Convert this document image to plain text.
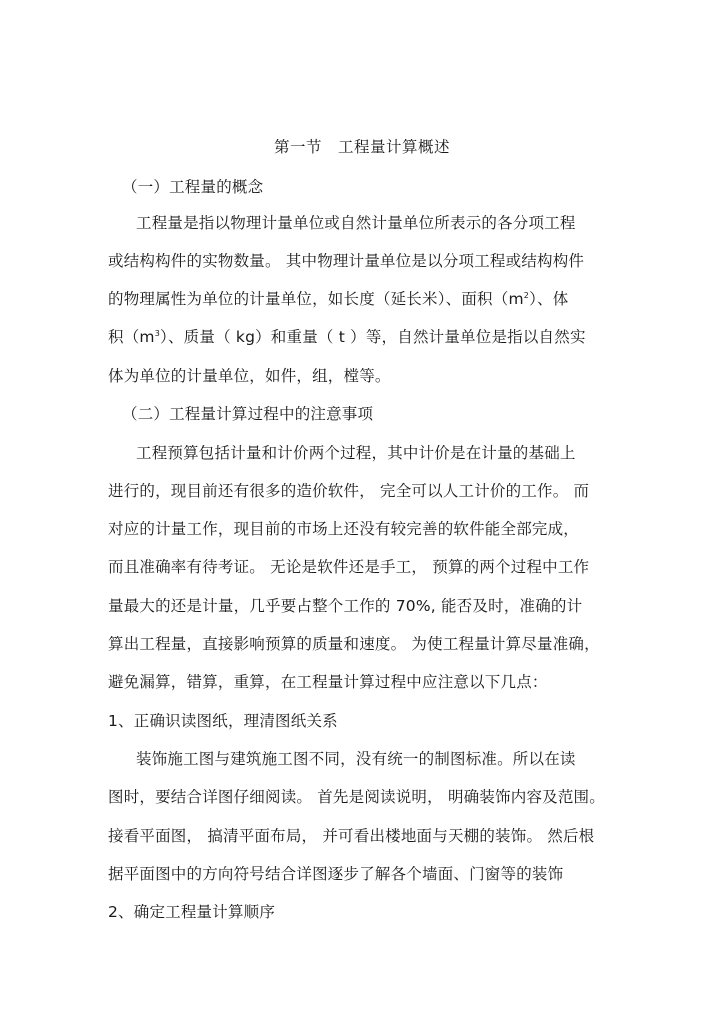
第一节　工程量计算概述
（一）工程量的概念
工程量是指以物理计量单位或自然计量单位所表示的各分项工程
或结构构件的实物数量。 其中物理计量单位是以分项工程或结构构件
的物理属性为单位的计量单位，如长度（延长米）、面积$(m^2)$、体
积$(m^3)$、质量（ kg）和重量（ t ）等，自然计量单位是指以自然实
体为单位的计量单位，如件，组，樘等。
（二）工程量计算过程中的注意事项
工程预算包括计量和计价两个过程，其中计价是在计量的基础上
进行的，现目前还有很多的造价软件， 完全可以人工计价的工作。 而
对应的计量工作，现目前的市场上还没有较完善的软件能全部完成，
而且准确率有待考证。 无论是软件还是手工， 预算的两个过程中工作
量最大的还是计量，几乎要占整个工作的 70%, 能否及时，准确的计
算出工程量，直接影响预算的质量和速度。 为使工程量计算尽量准确，
避免漏算，错算，重算，在工程量计算过程中应注意以下几点：
1、正确识读图纸，理清图纸关系
装饰施工图与建筑施工图不同，没有统一的制图标准。所以在读
图时，要结合详图仔细阅读。 首先是阅读说明， 明确装饰内容及范围。
接看平面图， 搞清平面布局， 并可看出楼地面与天棚的装饰。 然后根
据平面图中的方向符号结合详图逐步了解各个墙面、门窗等的装饰
2、确定工程量计算顺序
